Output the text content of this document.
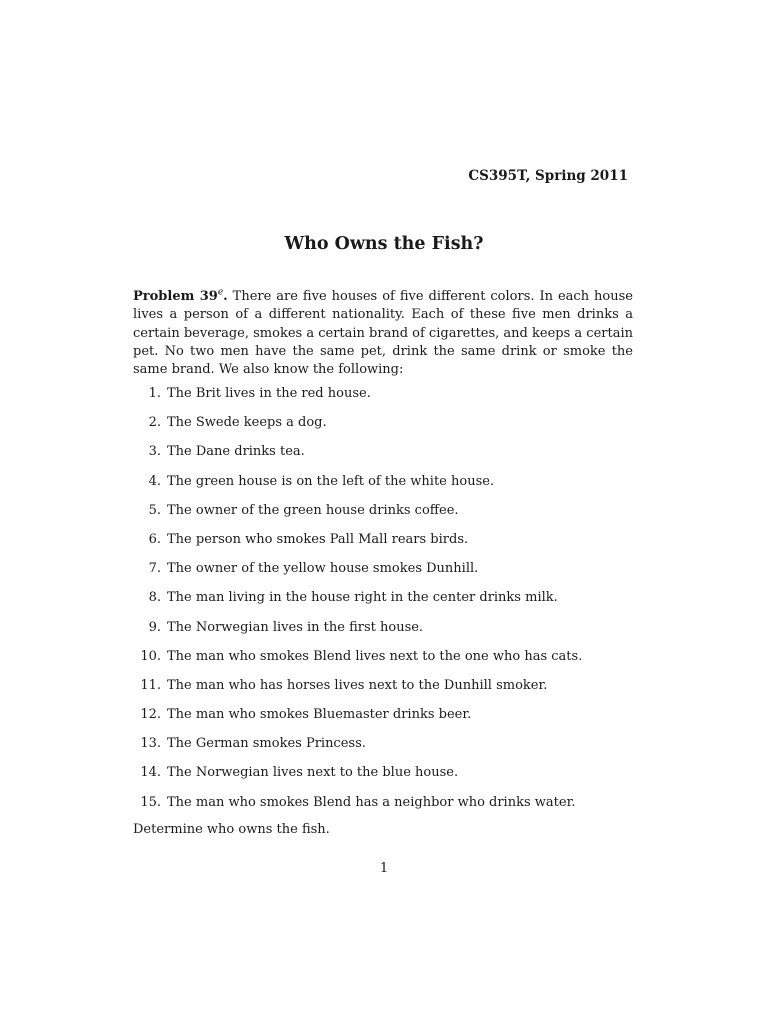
CS395T, Spring 2011
Who Owns the Fish?
Problem 39e. There are five houses of five different colors. In each house lives a person of a different nationality. Each of these five men drinks a certain beverage, smokes a certain brand of cigarettes, and keeps a certain pet. No two men have the same pet, drink the same drink or smoke the same brand. We also know the following:
1. The Brit lives in the red house.
2. The Swede keeps a dog.
3. The Dane drinks tea.
4. The green house is on the left of the white house.
5. The owner of the green house drinks coffee.
6. The person who smokes Pall Mall rears birds.
7. The owner of the yellow house smokes Dunhill.
8. The man living in the house right in the center drinks milk.
9. The Norwegian lives in the first house.
10. The man who smokes Blend lives next to the one who has cats.
11. The man who has horses lives next to the Dunhill smoker.
12. The man who smokes Bluemaster drinks beer.
13. The German smokes Princess.
14. The Norwegian lives next to the blue house.
15. The man who smokes Blend has a neighbor who drinks water.
Determine who owns the fish.
1
